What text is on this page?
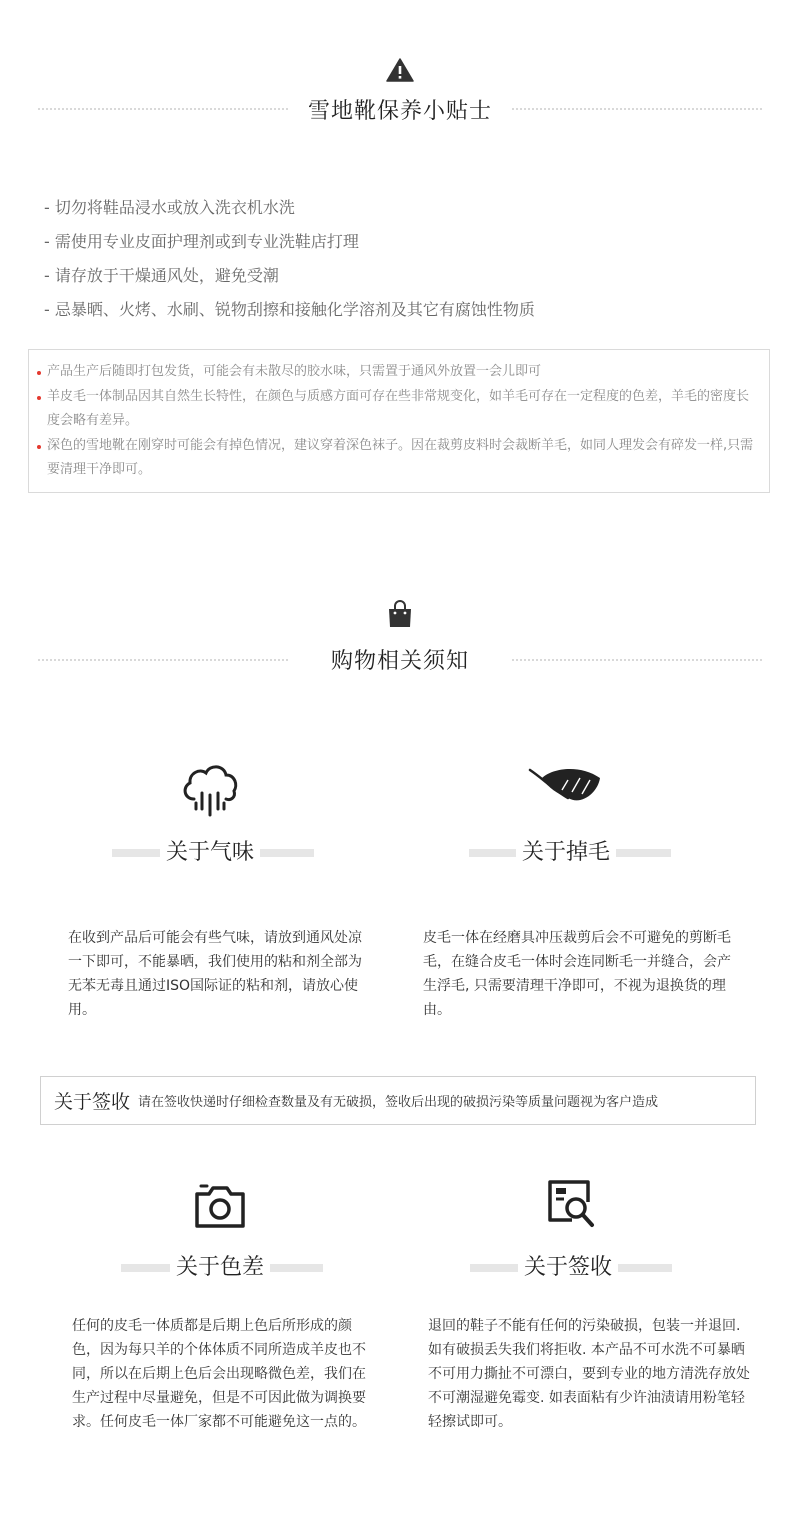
雪地靴保养小贴士
- 切勿将鞋品浸水或放入洗衣机水洗
- 需使用专业皮面护理剂或到专业洗鞋店打理
- 请存放于干燥通风处，避免受潮
- 忌暴晒、火烤、水刷、锐物刮擦和接触化学溶剂及其它有腐蚀性物质

产品生产后随即打包发货，可能会有未散尽的胶水味，只需置于通风外放置一会儿即可

羊皮毛一体制品因其自然生长特性，在颜色与质感方面可存在些非常规变化，如羊毛可存在一定程度的色差，羊毛的密度长度会略有差异。

深色的雪地靴在刚穿时可能会有掉色情况，建议穿着深色袜子。因在裁剪皮料时会裁断羊毛，如同人理发会有碎发一样,只需要清理干净即可。

购物相关须知
关于气味

在收到产品后可能会有些气味，请放到通风处凉一下即可，不能暴晒，我们使用的粘和剂全部为无苯无毒且通过ISO国际证的粘和剂，请放心使用。

关于掉毛

皮毛一体在经磨具冲压裁剪后会不可避免的剪断毛毛，在缝合皮毛一体时会连同断毛一并缝合，会产生浮毛, 只需要清理干净即可，不视为退换货的理由。

关于签收 请在签收快递时仔细检查数量及有无破损，签收后出现的破损污染等质量问题视为客户造成
关于色差

任何的皮毛一体质都是后期上色后所形成的颜色，因为每只羊的个体体质不同所造成羊皮也不同，所以在后期上色后会出现略微色差，我们在生产过程中尽量避免，但是不可因此做为调换要求。任何皮毛一体厂家都不可能避免这一点的。

关于签收

退回的鞋子不能有任何的污染破损，包装一并退回. 如有破损丢失我们将拒收. 本产品不可水洗不可暴晒不可用力撕扯不可漂白，要到专业的地方清洗存放处不可潮湿避免霉变. 如表面粘有少许油渍请用粉笔轻轻擦试即可。
